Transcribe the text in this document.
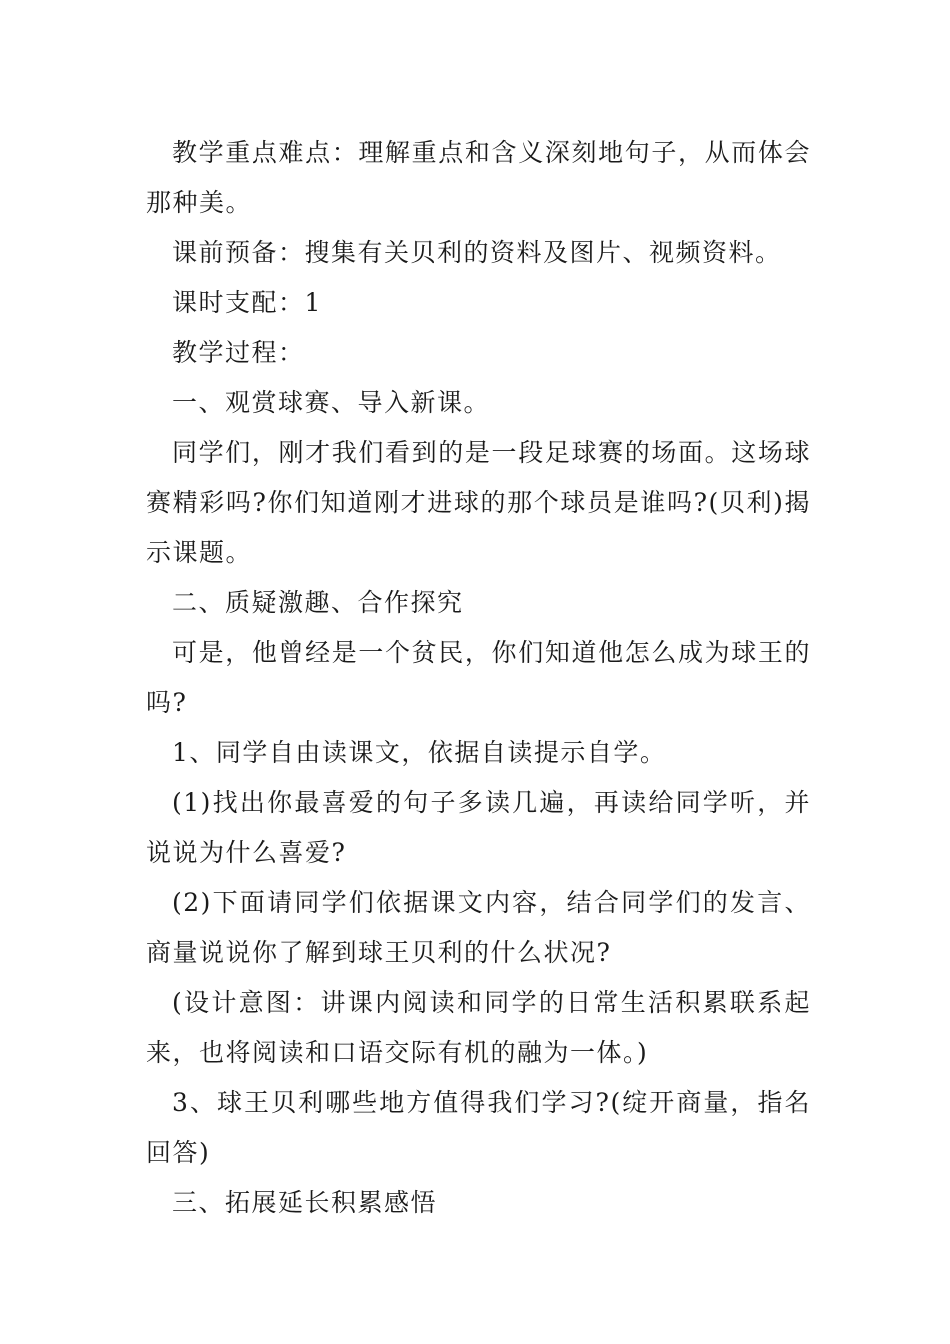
教学重点难点：理解重点和含义深刻地句子，从而体会那种美。

课前预备：搜集有关贝利的资料及图片、视频资料。

课时支配：1

教学过程：

一、观赏球赛、导入新课。

同学们，刚才我们看到的是一段足球赛的场面。这场球赛精彩吗?你们知道刚才进球的那个球员是谁吗?(贝利)揭示课题。

二、质疑激趣、合作探究

可是，他曾经是一个贫民，你们知道他怎么成为球王的吗?

1、同学自由读课文，依据自读提示自学。

(1)找出你最喜爱的句子多读几遍，再读给同学听，并说说为什么喜爱?

(2)下面请同学们依据课文内容，结合同学们的发言、商量说说你了解到球王贝利的什么状况?

(设计意图：讲课内阅读和同学的日常生活积累联系起来，也将阅读和口语交际有机的融为一体。)

3、球王贝利哪些地方值得我们学习?(绽开商量，指名回答)

三、拓展延长积累感悟
